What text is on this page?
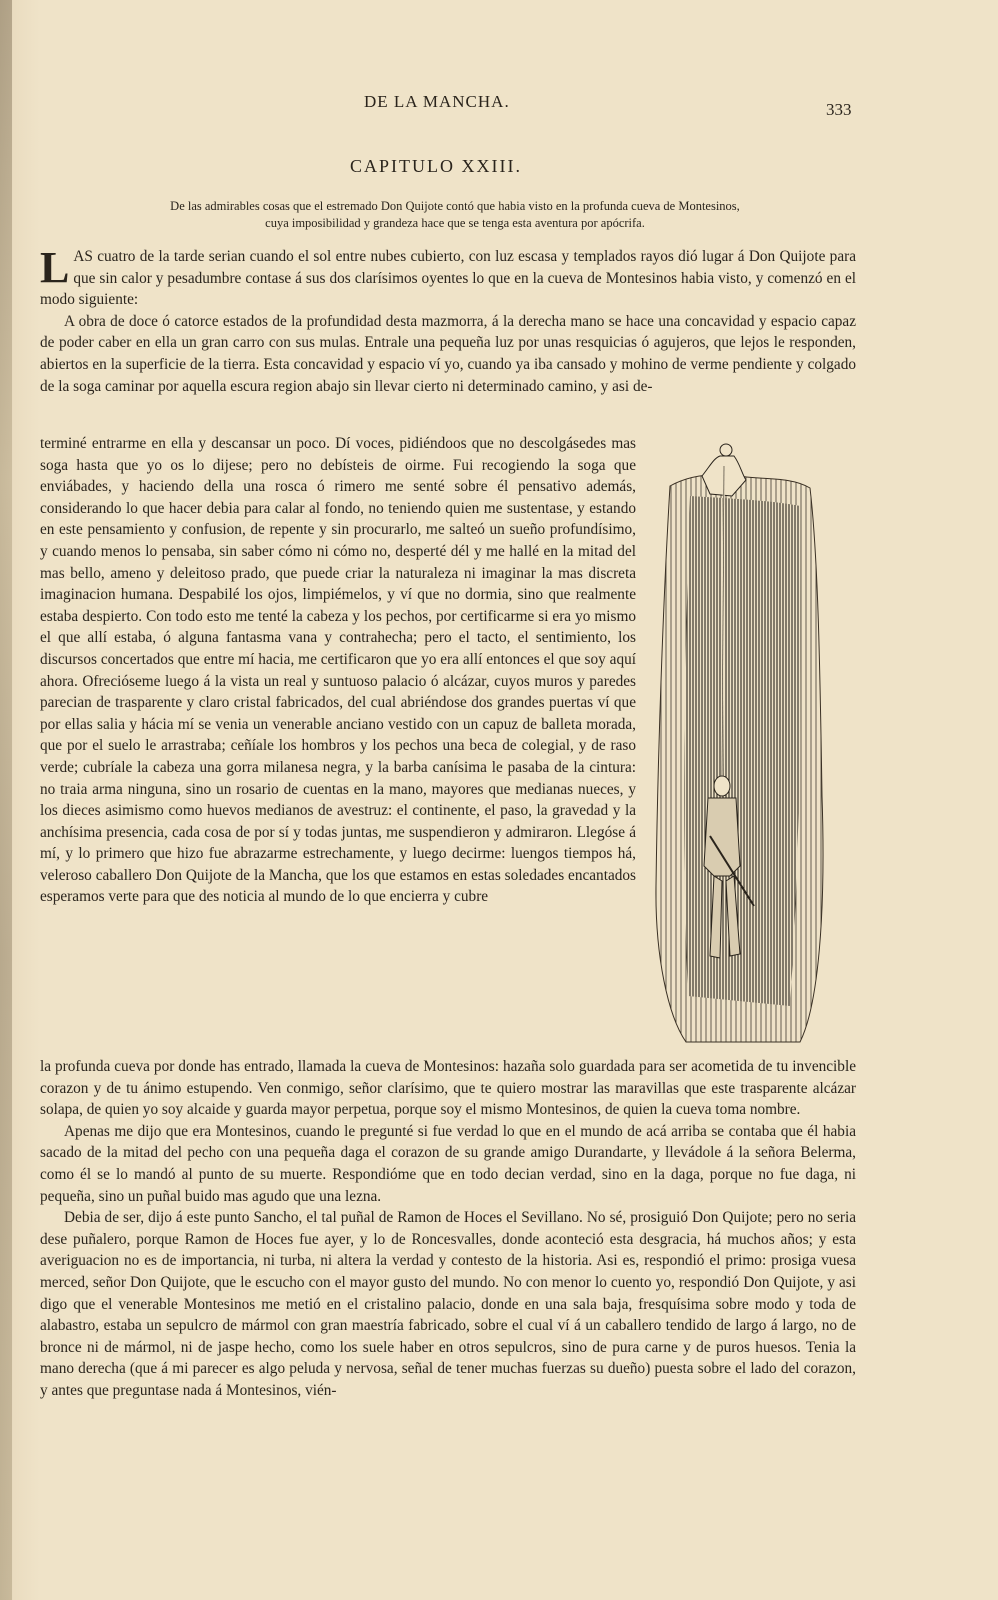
DE LA MANCHA.	333
CAPITULO XXIII.
De las admirables cosas que el estremado Don Quijote contó que habia visto en la profunda cueva de Montesinos,
cuya imposibilidad y grandeza hace que se tenga esta aventura por apócrifa.

LAS cuatro de la tarde serian cuando el sol entre nubes cubierto, con luz escasa y templados rayos dió lugar á Don Quijote para que sin calor y pesadumbre contase á sus dos clarísimos oyentes lo que en la cueva de Montesinos habia visto, y comenzó en el modo siguiente:

A obra de doce ó catorce estados de la profundidad desta mazmorra, á la derecha mano se hace una concavidad y espacio capaz de poder caber en ella un gran carro con sus mulas. Entrale una pequeña luz por unas resquicias ó agujeros, que lejos le responden, abiertos en la superficie de la tierra. Esta concavidad y espacio ví yo, cuando ya iba cansado y mohino de verme pendiente y colgado de la soga caminar por aquella escura region abajo sin llevar cierto ni determinado camino, y asi de-

terminé entrarme en ella y descansar un poco. Dí voces, pidiéndoos que no descolgásedes mas soga hasta que yo os lo dijese; pero no debísteis de oirme. Fui recogiendo la soga que enviábades, y haciendo della una rosca ó rimero me senté sobre él pensativo además, considerando lo que hacer debia para calar al fondo, no teniendo quien me sustentase, y estando en este pensamiento y confusion, de repente y sin procurarlo, me salteó un sueño profundísimo, y cuando menos lo pensaba, sin saber cómo ni cómo no, desperté dél y me hallé en la mitad del mas bello, ameno y deleitoso prado, que puede criar la naturaleza ni imaginar la mas discreta imaginacion humana. Despabilé los ojos, limpiémelos, y ví que no dormia, sino que realmente estaba despierto. Con todo esto me tenté la cabeza y los pechos, por certificarme si era yo mismo el que allí estaba, ó alguna fantasma vana y contrahecha; pero el tacto, el sentimiento, los discursos concertados que entre mí hacia, me certificaron que yo era allí entonces el que soy aquí ahora. Ofrecióseme luego á la vista un real y suntuoso palacio ó alcázar, cuyos muros y paredes parecian de trasparente y claro cristal fabricados, del cual abriéndose dos grandes puertas ví que por ellas salia y hácia mí se venia un venerable anciano vestido con un capuz de balleta morada, que por el suelo le arrastraba; ceñíale los hombros y los pechos una beca de colegial, y de raso verde; cubríale la cabeza una gorra milanesa negra, y la barba canísima le pasaba de la cintura: no traia arma ninguna, sino un rosario de cuentas en la mano, mayores que medianas nueces, y los dieces asimismo como huevos medianos de avestruz: el continente, el paso, la gravedad y la anchísima presencia, cada cosa de por sí y todas juntas, me suspendieron y admiraron. Llegóse á mí, y lo primero que hizo fue abrazarme estrechamente, y luego decirme: luengos tiempos há, veleroso caballero Don Quijote de la Mancha, que los que estamos en estas soledades encantados esperamos verte para que des noticia al mundo de lo que encierra y cubre

la profunda cueva por donde has entrado, llamada la cueva de Montesinos: hazaña solo guardada para ser acometida de tu invencible corazon y de tu ánimo estupendo. Ven conmigo, señor clarísimo, que te quiero mostrar las maravillas que este trasparente alcázar solapa, de quien yo soy alcaide y guarda mayor perpetua, porque soy el mismo Montesinos, de quien la cueva toma nombre.

Apenas me dijo que era Montesinos, cuando le pregunté si fue verdad lo que en el mundo de acá arriba se contaba que él habia sacado de la mitad del pecho con una pequeña daga el corazon de su grande amigo Durandarte, y llevádole á la señora Belerma, como él se lo mandó al punto de su muerte. Respondióme que en todo decian verdad, sino en la daga, porque no fue daga, ni pequeña, sino un puñal buido mas agudo que una lezna.

Debia de ser, dijo á este punto Sancho, el tal puñal de Ramon de Hoces el Sevillano. No sé, prosiguió Don Quijote; pero no seria dese puñalero, porque Ramon de Hoces fue ayer, y lo de Roncesvalles, donde aconteció esta desgracia, há muchos años; y esta averiguacion no es de importancia, ni turba, ni altera la verdad y contesto de la historia. Asi es, respondió el primo: prosiga vuesa merced, señor Don Quijote, que le escucho con el mayor gusto del mundo. No con menor lo cuento yo, respondió Don Quijote, y asi digo que el venerable Montesinos me metió en el cristalino palacio, donde en una sala baja, fresquísima sobre modo y toda de alabastro, estaba un sepulcro de mármol con gran maestría fabricado, sobre el cual ví á un caballero tendido de largo á largo, no de bronce ni de mármol, ni de jaspe hecho, como los suele haber en otros sepulcros, sino de pura carne y de puros huesos. Tenia la mano derecha (que á mi parecer es algo peluda y nervosa, señal de tener muchas fuerzas su dueño) puesta sobre el lado del corazon, y antes que preguntase nada á Montesinos, vién-
